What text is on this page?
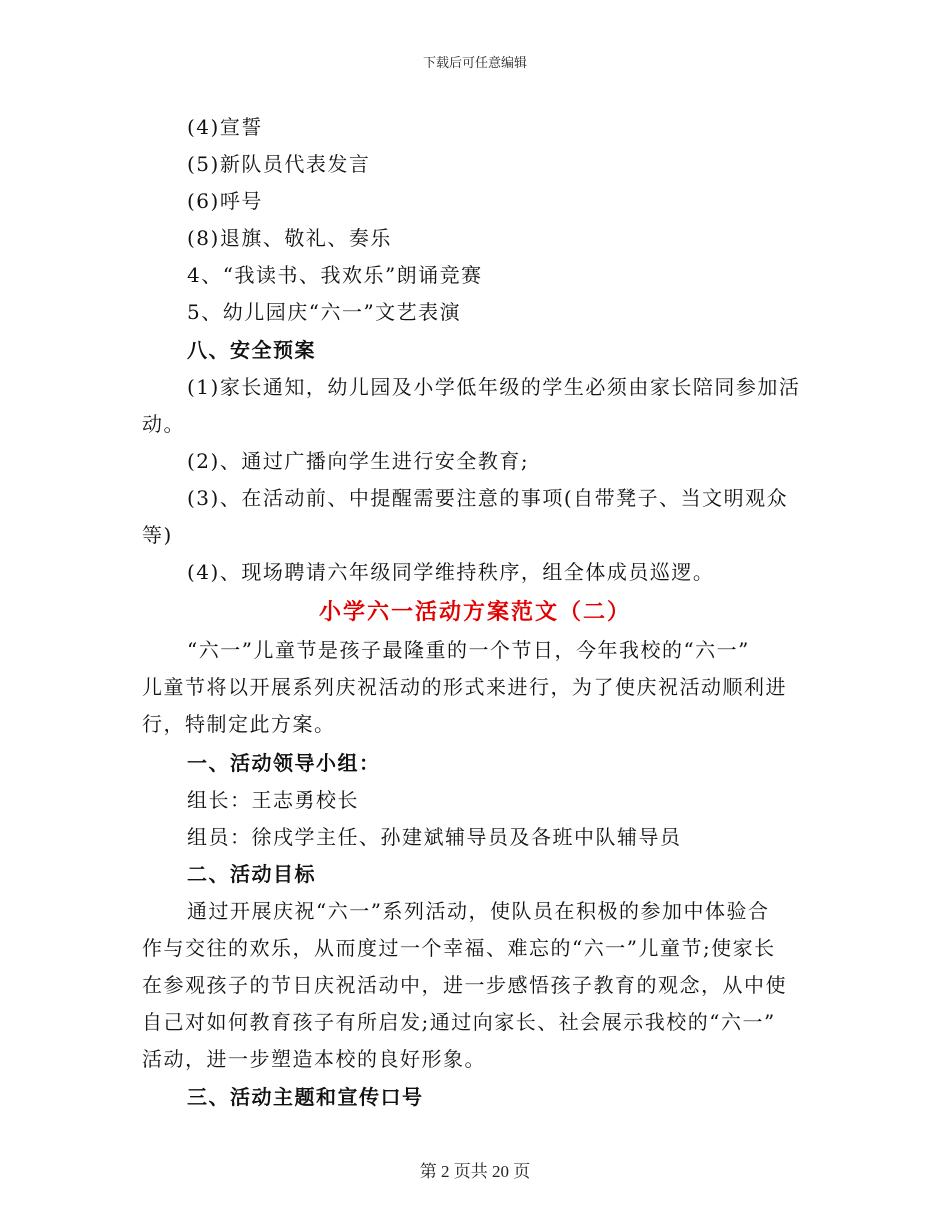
下载后可任意编辑
(4)宣誓
(5)新队员代表发言
(6)呼号
(8)退旗、敬礼、奏乐
4、“我读书、我欢乐”朗诵竞赛
5、幼儿园庆“六一”文艺表演
八、安全预案
(1)家长通知，幼儿园及小学低年级的学生必须由家长陪同参加活
动。
(2)、通过广播向学生进行安全教育;
(3)、在活动前、中提醒需要注意的事项(自带凳子、当文明观众
等)
(4)、现场聘请六年级同学维持秩序，组全体成员巡逻。
小学六一活动方案范文（二）
“六一”儿童节是孩子最隆重的一个节日，今年我校的“六一”
儿童节将以开展系列庆祝活动的形式来进行，为了使庆祝活动顺利进
行，特制定此方案。
一、活动领导小组：
组长：王志勇校长
组员：徐戌学主任、孙建斌辅导员及各班中队辅导员
二、活动目标
通过开展庆祝“六一”系列活动，使队员在积极的参加中体验合
作与交往的欢乐，从而度过一个幸福、难忘的“六一”儿童节;使家长
在参观孩子的节日庆祝活动中，进一步感悟孩子教育的观念，从中使
自己对如何教育孩子有所启发;通过向家长、社会展示我校的“六一”
活动，进一步塑造本校的良好形象。
三、活动主题和宣传口号
第 2 页共 20 页
